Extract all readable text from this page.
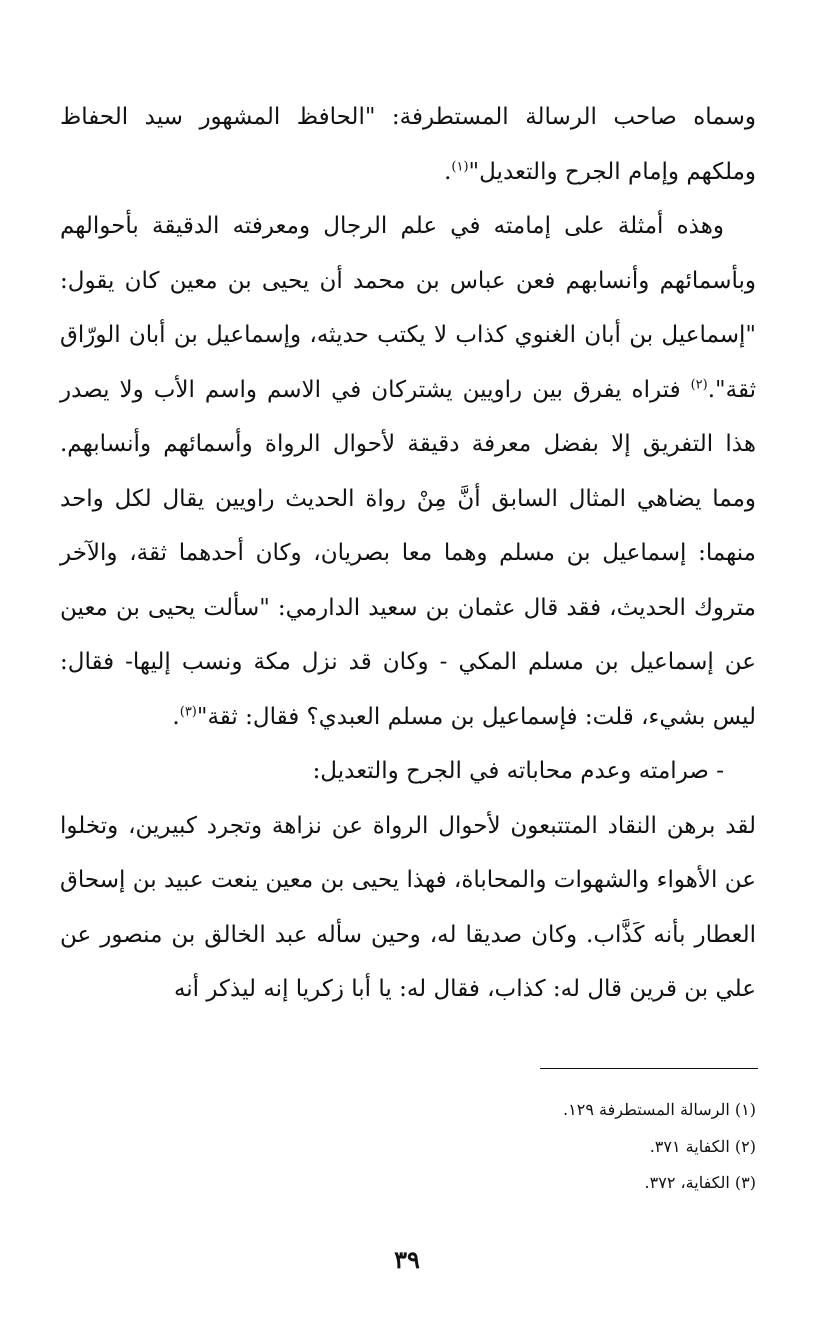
وسماه صاحب الرسالة المستطرفة: "الحافظ المشهور سيد الحفاظ وملكهم وإمام الجرح والتعديل"$^{(١)}$.

وهذه أمثلة على إمامته في علم الرجال ومعرفته الدقيقة بأحوالهم وبأسمائهم وأنسابهم فعن عباس بن محمد أن يحيى بن معين كان يقول: "إسماعيل بن أبان الغنوي كذاب لا يكتب حديثه، وإسماعيل بن أبان الورّاق ثقة".$^{(٢)}$ فتراه يفرق بين راويين يشتركان في الاسم واسم الأب ولا يصدر هذا التفريق إلا بفضل معرفة دقيقة لأحوال الرواة وأسمائهم وأنسابهم. ومما يضاهي المثال السابق أنَّ مِنْ رواة الحديث راويين يقال لكل واحد منهما: إسماعيل بن مسلم وهما معا بصريان، وكان أحدهما ثقة، والآخر متروك الحديث، فقد قال عثمان بن سعيد الدارمي: "سألت يحيى بن معين عن إسماعيل بن مسلم المكي - وكان قد نزل مكة ونسب إليها- فقال: ليس بشيء، قلت: فإسماعيل بن مسلم العبدي؟ فقال: ثقة"$^{(٣)}$.

- صرامته وعدم محاباته في الجرح والتعديل:

لقد برهن النقاد المتتبعون لأحوال الرواة عن نزاهة وتجرد كبيرين، وتخلوا عن الأهواء والشهوات والمحاباة، فهذا يحيى بن معين ينعت عبيد بن إسحاق العطار بأنه كَذَّاب. وكان صديقا له، وحين سأله عبد الخالق بن منصور عن علي بن قرين قال له: كذاب، فقال له: يا أبا زكريا إنه ليذكر أنه

(١) الرسالة المستطرفة ١٢٩.

(٢) الكفاية ٣٧١.

(٣) الكفاية، ٣٧٢.

٣٩
